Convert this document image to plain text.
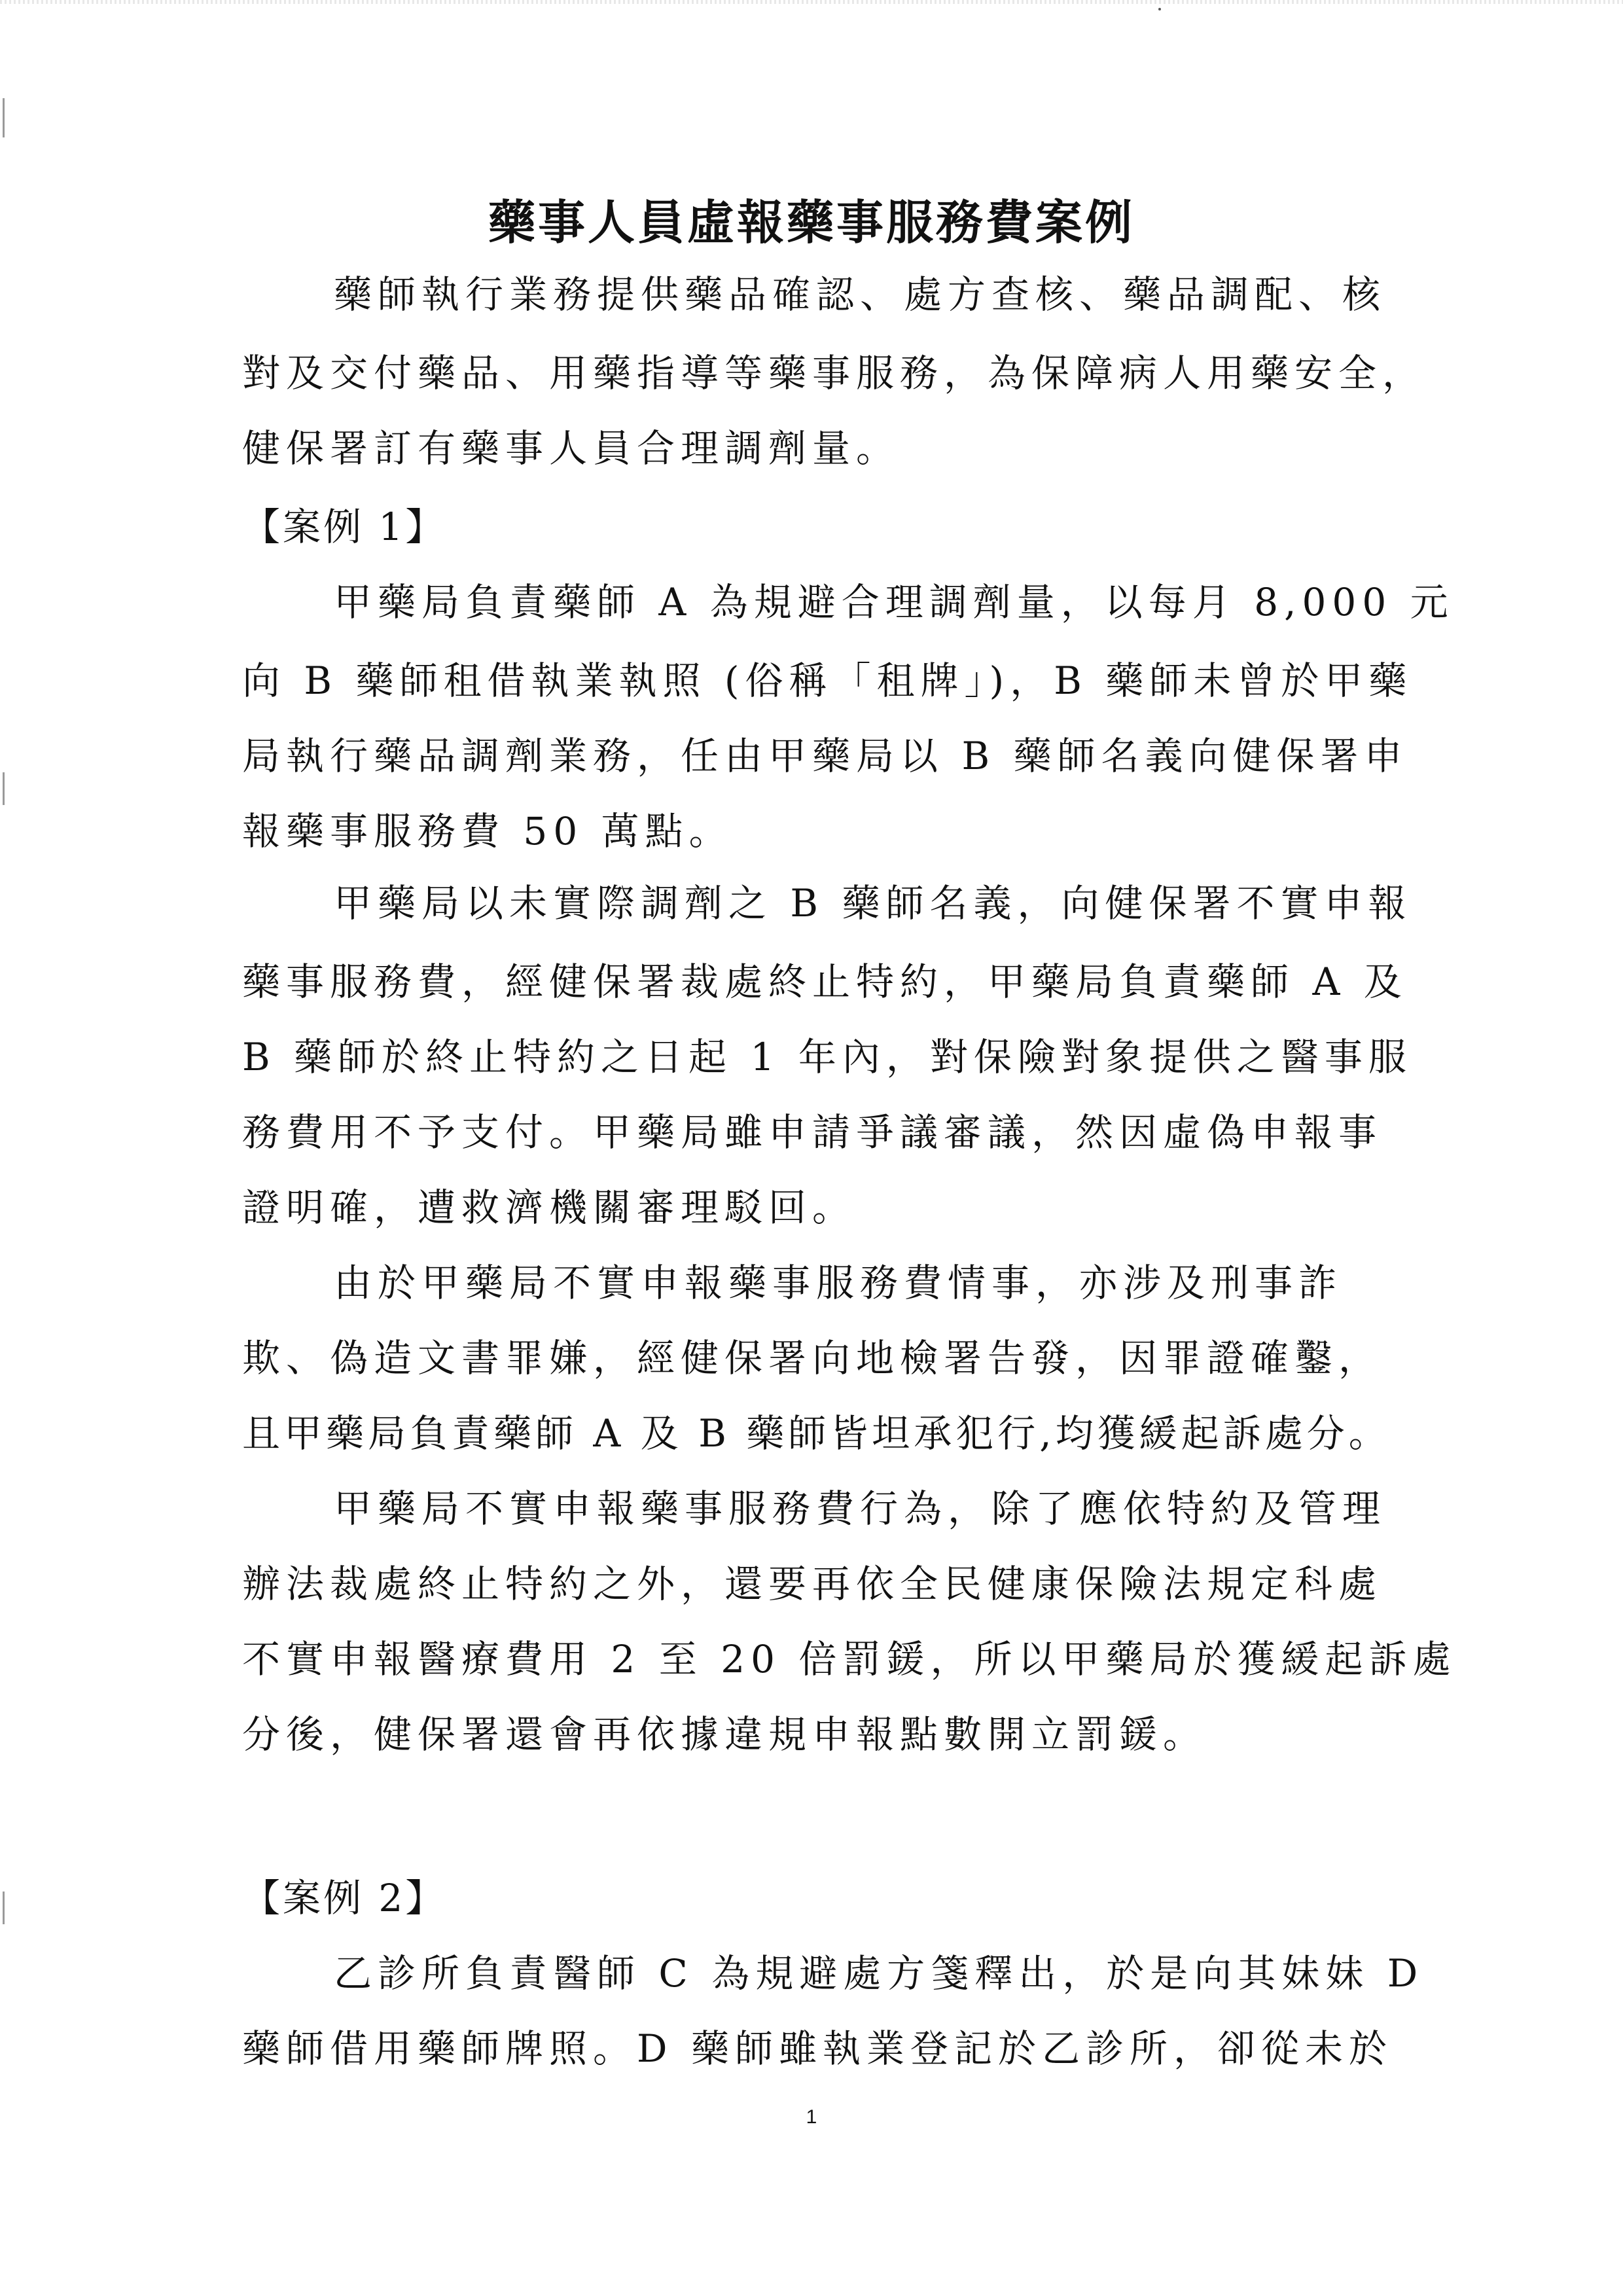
藥事人員虛報藥事服務費案例
藥師執行業務提供藥品確認、處方查核、藥品調配、核
對及交付藥品、用藥指導等藥事服務，為保障病人用藥安全，
健保署訂有藥事人員合理調劑量。
【案例 1】
甲藥局負責藥師 A 為規避合理調劑量，以每月 8,000 元
向 B 藥師租借執業執照 (俗稱「租牌」)，B 藥師未曾於甲藥
局執行藥品調劑業務，任由甲藥局以 B 藥師名義向健保署申
報藥事服務費 50 萬點。
甲藥局以未實際調劑之 B 藥師名義，向健保署不實申報
藥事服務費，經健保署裁處終止特約，甲藥局負責藥師 A 及
B 藥師於終止特約之日起 1 年內，對保險對象提供之醫事服
務費用不予支付。甲藥局雖申請爭議審議，然因虛偽申報事
證明確，遭救濟機關審理駁回。
由於甲藥局不實申報藥事服務費情事，亦涉及刑事詐
欺、偽造文書罪嫌，經健保署向地檢署告發，因罪證確鑿，
且甲藥局負責藥師 A 及 B 藥師皆坦承犯行,均獲緩起訴處分。
甲藥局不實申報藥事服務費行為，除了應依特約及管理
辦法裁處終止特約之外，還要再依全民健康保險法規定科處
不實申報醫療費用 2 至 20 倍罰鍰，所以甲藥局於獲緩起訴處
分後，健保署還會再依據違規申報點數開立罰鍰。
【案例 2】
乙診所負責醫師 C 為規避處方箋釋出，於是向其妹妹 D
藥師借用藥師牌照。D 藥師雖執業登記於乙診所，卻從未於
1
